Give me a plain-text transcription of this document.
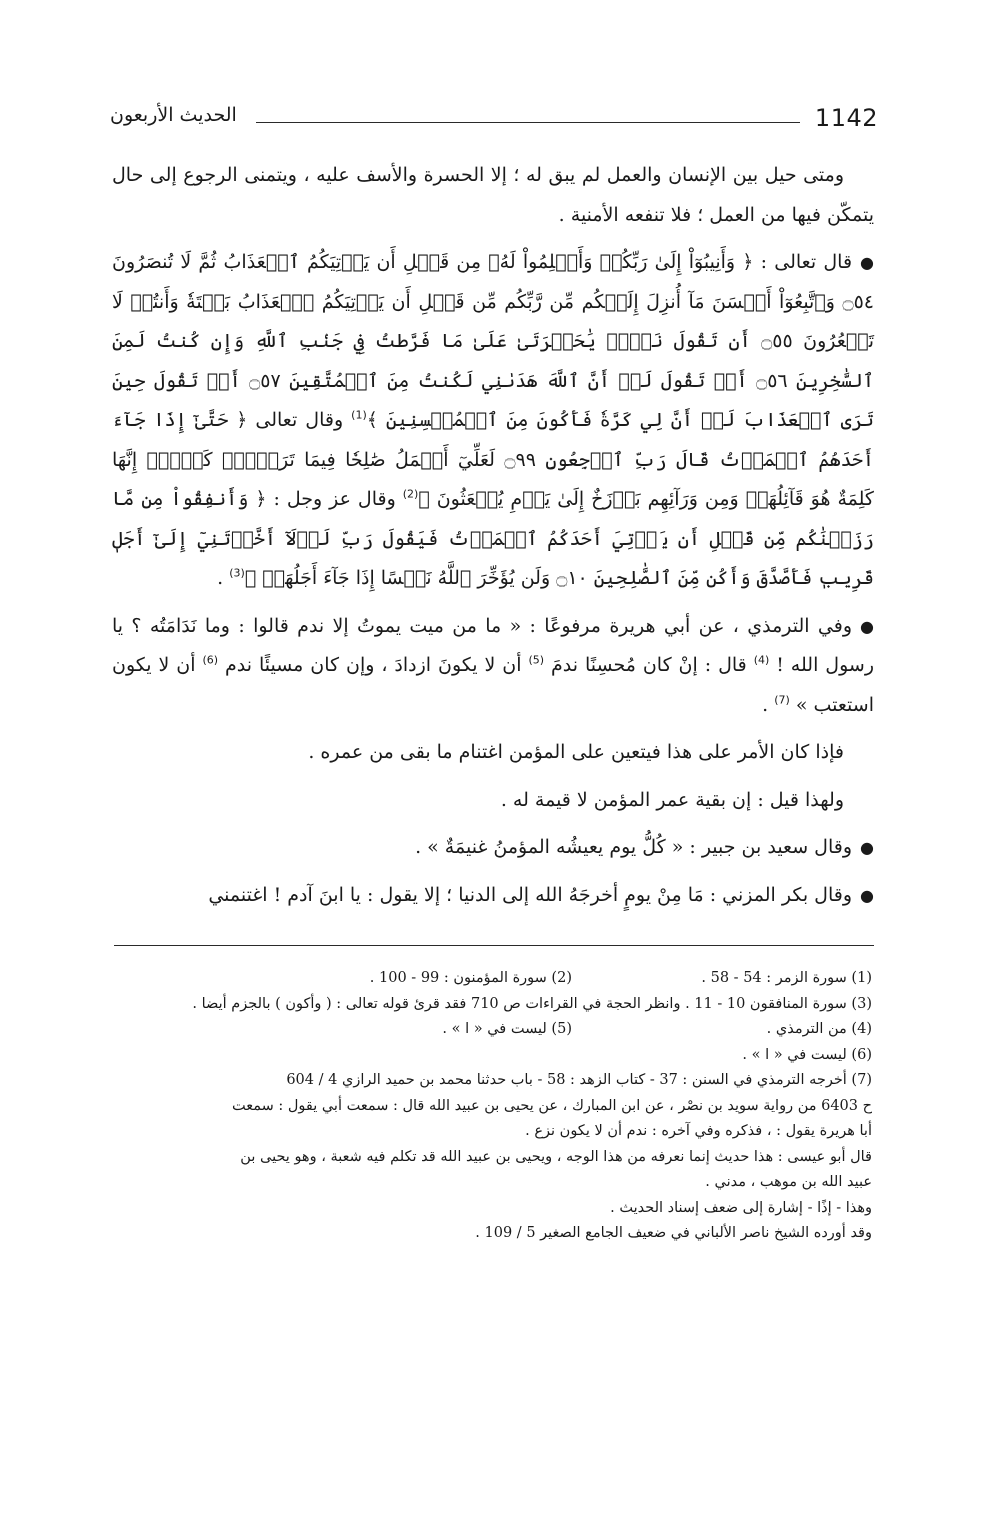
1142
الحديث الأربعون

ومتى حيل بين الإنسان والعمل لم يبق له ؛ إلا الحسرة والأسف عليه ، ويتمنى الرجوع إلى حال يتمكّن فيها من العمل ؛ فلا تنفعه الأمنية .

●قال تعالى : ﴿ وَأَنِيبُوٓاْ إِلَىٰ رَبِّكُمۡ وَأَسۡلِمُواْ لَهُۥ مِن قَبۡلِ أَن يَأۡتِيَكُمُ ٱلۡعَذَابُ ثُمَّ لَا تُنصَرُونَ ۝٥٤ وَٱتَّبِعُوٓاْ أَحۡسَنَ مَآ أُنزِلَ إِلَيۡكُم مِّن رَّبِّكُم مِّن قَبۡلِ أَن يَأۡتِيَكُمُ ٱلۡعَذَابُ بَغۡتَةٗ وَأَنتُمۡ لَا تَشۡعُرُونَ ۝٥٥ أَن تَقُولَ نَفۡسٞ يَٰحَسۡرَتَىٰ عَلَىٰ مَا فَرَّطتُ فِي جَنۢبِ ٱللَّهِ وَإِن كُنتُ لَمِنَ ٱلسَّٰخِرِينَ ۝٥٦ أَوۡ تَقُولَ لَوۡ أَنَّ ٱللَّهَ هَدَىٰنِي لَكُنتُ مِنَ ٱلۡمُتَّقِينَ ۝٥٧ أَوۡ تَقُولَ حِينَ تَرَى ٱلۡعَذَابَ لَوۡ أَنَّ لِي كَرَّةٗ فَأَكُونَ مِنَ ٱلۡمُحۡسِنِينَ ﴾$^{(1)}$ وقال تعالى ﴿ حَتَّىٰٓ إِذَا جَآءَ أَحَدَهُمُ ٱلۡمَوۡتُ قَالَ رَبِّ ٱرۡجِعُونِ ۝٩٩ لَعَلِّيٓ أَعۡمَلُ صَٰلِحٗا فِيمَا تَرَكۡتُۚ كَلَّآۚ إِنَّهَا كَلِمَةٌ هُوَ قَآئِلُهَاۖ وَمِن وَرَآئِهِم بَرۡزَخٌ إِلَىٰ يَوۡمِ يُبۡعَثُونَ ﴾$^{(2)}$ وقال عز وجل : ﴿ وَأَنفِقُواْ مِن مَّا رَزَقۡنَٰكُم مِّن قَبۡلِ أَن يَأۡتِيَ أَحَدَكُمُ ٱلۡمَوۡتُ فَيَقُولَ رَبِّ لَوۡلَآ أَخَّرۡتَنِيٓ إِلَىٰٓ أَجَلٖ قَرِيبٖ فَأَصَّدَّقَ وَأَكُن مِّنَ ٱلصَّٰلِحِينَ ۝١٠ وَلَن يُؤَخِّرَ ٱللَّهُ نَفۡسًا إِذَا جَآءَ أَجَلُهَاۚ ﴾$^{(3)}$ .

●وفي الترمذي ، عن أبي هريرة مرفوعًا : « ما من ميت يموتُ إلا ندم قالوا : وما نَدَامَتُه ؟ يا رسول الله ! $^{(4)}$ قال : إنْ كان مُحسِنًا ندمَ $^{(5)}$ أن لا يكونَ ازدادَ ، وإن كان مسيئًا ندم $^{(6)}$ أن لا يكون استعتب » $^{(7)}$ .

فإذا كان الأمر على هذا فيتعين على المؤمن اغتنام ما بقى من عمره .

ولهذا قيل : إن بقية عمر المؤمن لا قيمة له .

●وقال سعيد بن جبير : « كُلُّ يوم يعيشُه المؤمنُ غنيمَةٌ » .

●وقال بكر المزني : مَا مِنْ يومٍ أخرجَهُ الله إلى الدنيا ؛ إلا يقول : يا ابنَ آدم ! اغتنمني

(1) سورة الزمر : 54 - 58 .
(2) سورة المؤمنون : 99 - 100 .

(3) سورة المنافقون 10 - 11 . وانظر الحجة في القراءات ص 710 فقد قرئ قوله تعالى : ( وأكون ) بالجزم أيضا .

(4) من الترمذي .
(5) ليست في « ا » .

(6) ليست في « ا » .

(7) أخرجه الترمذي في السنن : 37 - كتاب الزهد : 58 - باب حدثنا محمد بن حميد الرازي 4 / 604

ح 6403 من رواية سويد بن نصْر ، عن ابن المبارك ، عن يحيى بن عبيد الله قال : سمعت أبي يقول : سمعت

أبا هريرة يقول : ، فذكره وفي آخره : ندم أن لا يكون نزع .

قال أبو عيسى : هذا حديث إنما نعرفه من هذا الوجه ، ويحيى بن عبيد الله قد تكلم فيه شعبة ، وهو يحيى بن

عبيد الله بن موهب ، مدني .

وهذا - إذًا - إشارة إلى ضعف إسناد الحديث .

وقد أورده الشيخ ناصر الألباني في ضعيف الجامع الصغير 5 / 109 .
